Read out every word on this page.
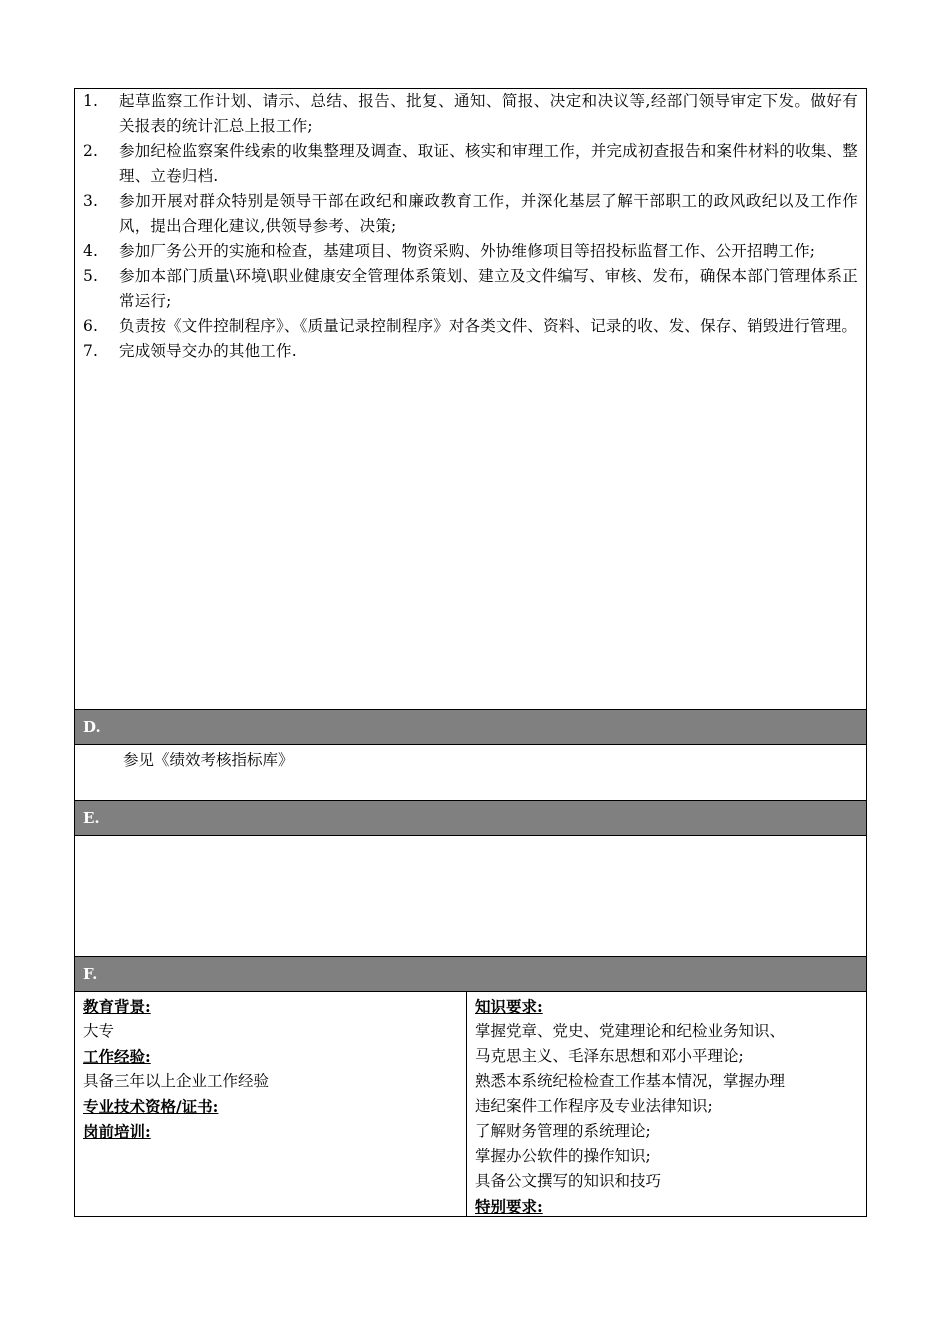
1.	起草监察工作计划、请示、总结、报告、批复、通知、简报、决定和决议等,经部门领导审定下发。做好有关报表的统计汇总上报工作;
2.	参加纪检监察案件线索的收集整理及调查、取证、核实和审理工作，并完成初查报告和案件材料的收集、整理、立卷归档.
3.	参加开展对群众特别是领导干部在政纪和廉政教育工作，并深化基层了解干部职工的政风政纪以及工作作风，提出合理化建议,供领导参考、决策;
4.	参加厂务公开的实施和检查，基建项目、物资采购、外协维修项目等招投标监督工作、公开招聘工作;
5.	参加本部门质量\环境\职业健康安全管理体系策划、建立及文件编写、审核、发布，确保本部门管理体系正常运行;
6.	负责按《文件控制程序》、《质量记录控制程序》对各类文件、资料、记录的收、发、保存、销毁进行管理。
7.	完成领导交办的其他工作.
D.
参见《绩效考核指标库》
E.
F.
教育背景:
大专
工作经验:
具备三年以上企业工作经验
专业技术资格/证书:
岗前培训:
知识要求:
掌握党章、党史、党建理论和纪检业务知识、
马克思主义、毛泽东思想和邓小平理论;
熟悉本系统纪检检查工作基本情况，掌握办理
违纪案件工作程序及专业法律知识;
了解财务管理的系统理论;
掌握办公软件的操作知识;
具备公文撰写的知识和技巧
特别要求:
